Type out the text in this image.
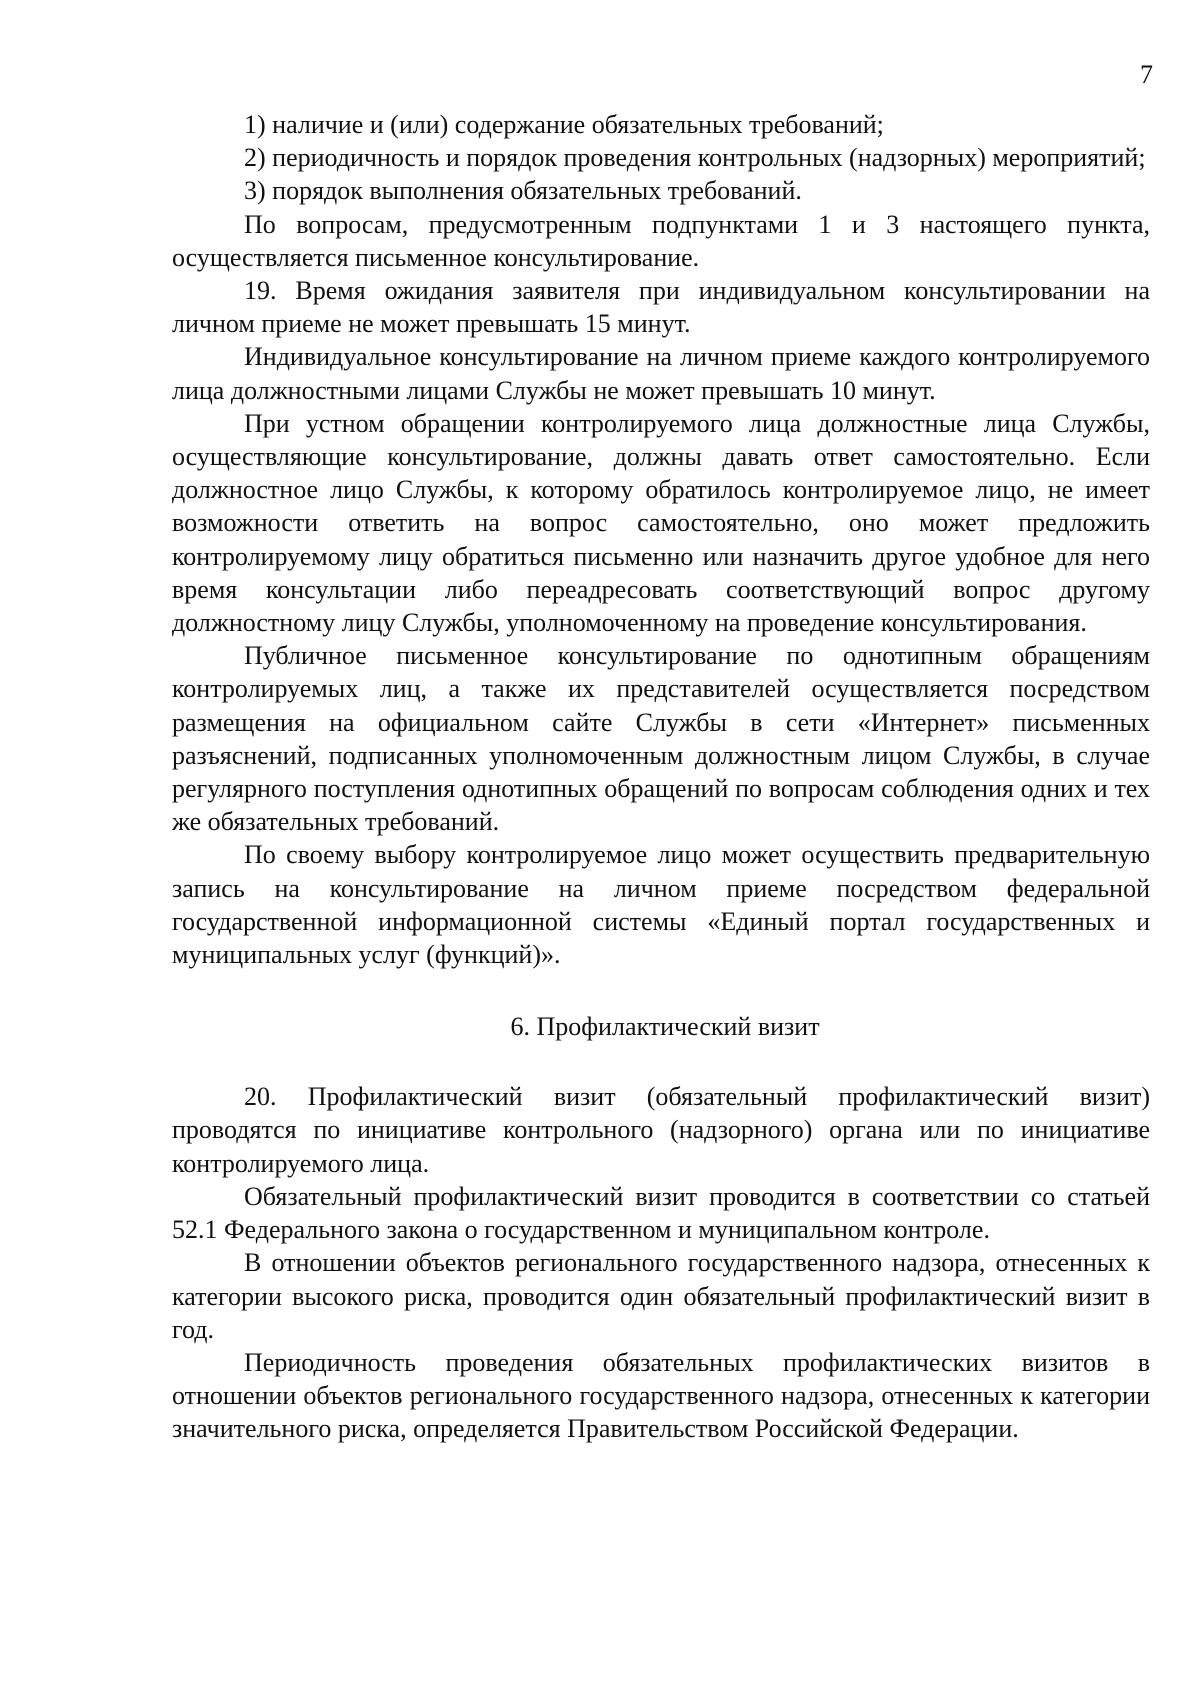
7

1) наличие и (или) содержание обязательных требований;

2) периодичность и порядок проведения контрольных (надзорных) мероприятий;

3) порядок выполнения обязательных требований.

По вопросам, предусмотренным подпунктами 1 и 3 настоящего пункта, осуществляется письменное консультирование.

19. Время ожидания заявителя при индивидуальном консультировании на личном приеме не может превышать 15 минут.

Индивидуальное консультирование на личном приеме каждого контролируемого лица должностными лицами Службы не может превышать 10 минут.

При устном обращении контролируемого лица должностные лица Службы, осуществляющие консультирование, должны давать ответ самостоятельно. Если должностное лицо Службы, к которому обратилось контролируемое лицо, не имеет возможности ответить на вопрос самостоятельно, оно может предложить контролируемому лицу обратиться письменно или назначить другое удобное для него время консультации либо переадресовать соответствующий вопрос другому должностному лицу Службы, уполномоченному на проведение консультирования.

Публичное письменное консультирование по однотипным обращениям контролируемых лиц, а также их представителей осуществляется посредством размещения на официальном сайте Службы в сети «Интернет» письменных разъяснений, подписанных уполномоченным должностным лицом Службы, в случае регулярного поступления однотипных обращений по вопросам соблюдения одних и тех же обязательных требований.

По своему выбору контролируемое лицо может осуществить предварительную запись на консультирование на личном приеме посредством федеральной государственной информационной системы «Единый портал государственных и муниципальных услуг (функций)».

6. Профилактический визит

20. Профилактический визит (обязательный профилактический визит) проводятся по инициативе контрольного (надзорного) органа или по инициативе контролируемого лица.

Обязательный профилактический визит проводится в соответствии со статьей 52.1 Федерального закона о государственном и муниципальном контроле.

В отношении объектов регионального государственного надзора, отнесенных к категории высокого риска, проводится один обязательный профилактический визит в год.

Периодичность проведения обязательных профилактических визитов в отношении объектов регионального государственного надзора, отнесенных к категории значительного риска, определяется Правительством Российской Федерации.
